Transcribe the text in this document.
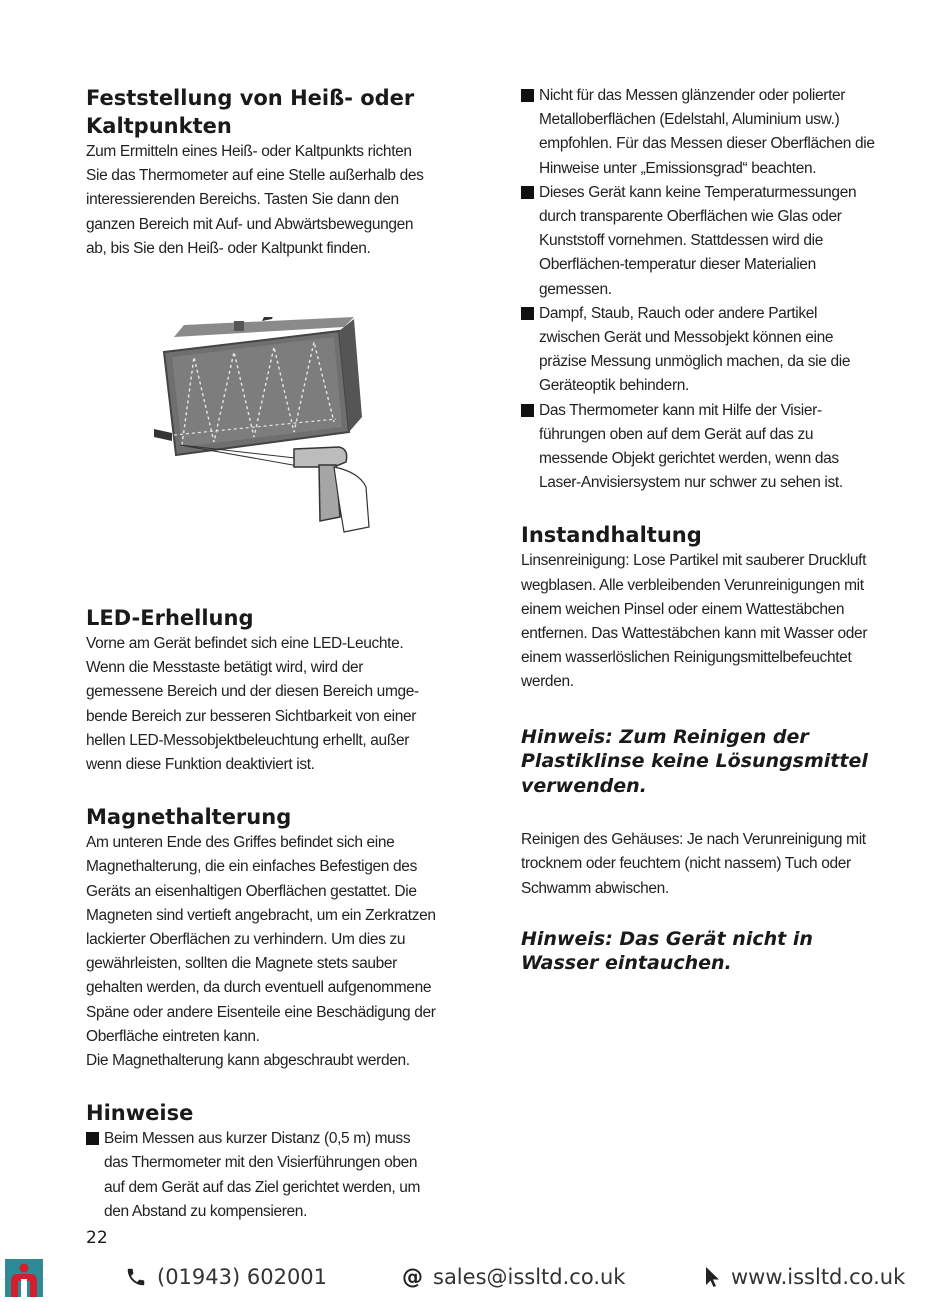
Feststellung von Heiß- oder Kaltpunkten

Zum Ermitteln eines Heiß- oder Kaltpunkts richten Sie das Thermometer auf eine Stelle außerhalb des interessierenden Bereichs. Tasten Sie dann den ganzen Bereich mit Auf- und Abwärtsbewegungen ab, bis Sie den Heiß- oder Kaltpunkt finden.

LED-Erhellung

Vorne am Gerät befindet sich eine LED-Leuchte. Wenn die Messtaste betätigt wird, wird der gemessene Bereich und der diesen Bereich umgebende Bereich zur besseren Sichtbarkeit von einer hellen LED-Messobjektbeleuchtung erhellt, außer wenn diese Funktion deaktiviert ist.

Magnethalterung

Am unteren Ende des Griffes befindet sich eine Magnethalterung, die ein einfaches Befestigen des Geräts an eisenhaltigen Oberflächen gestattet. Die Magneten sind vertieft angebracht, um ein Zerkratzen lackierter Oberflächen zu verhindern. Um dies zu gewährleisten, sollten die Magnete stets sauber gehalten werden, da durch eventuell aufgenommene Späne oder andere Eisenteile eine Beschädigung der Oberfläche eintreten kann.

Die Magnethalterung kann abgeschraubt werden.

Hinweise
Beim Messen aus kurzer Distanz (0,5 m) muss das Thermometer mit den Visierführungen oben auf dem Gerät auf das Ziel gerichtet werden, um den Abstand zu kompensieren.
Nicht für das Messen glänzender oder polierter Metalloberflächen (Edelstahl, Aluminium usw.) empfohlen. Für das Messen dieser Oberflächen die Hinweise unter „Emissionsgrad“ beachten.
Dieses Gerät kann keine Temperaturmessungen durch transparente Oberflächen wie Glas oder Kunststoff vornehmen. Stattdessen wird die Oberflächen-temperatur dieser Materialien gemessen.
Dampf, Staub, Rauch oder andere Partikel zwischen Gerät und Messobjekt können eine präzise Messung unmöglich machen, da sie die Geräteoptik behindern.
Das Thermometer kann mit Hilfe der Visierführungen oben auf dem Gerät auf das zu messende Objekt gerichtet werden, wenn das Laser-Anvisiersystem nur schwer zu sehen ist.
Instandhaltung

Linsenreinigung: Lose Partikel mit sauberer Druckluft wegblasen. Alle verbleibenden Verunreinigungen mit einem weichen Pinsel oder einem Wattestäbchen entfernen. Das Wattestäbchen kann mit Wasser oder einem wasserlöslichen Reinigungsmittelbefeuchtet werden.

Hinweis: Zum Reinigen der Plastiklinse keine Lösungsmittel verwenden.

Reinigen des Gehäuses: Je nach Verunreinigung mit trocknem oder feuchtem (nicht nassem) Tuch oder Schwamm abwischen.

Hinweis: Das Gerät nicht in Wasser eintauchen.
22
(01943) 602001	@ sales@issltd.co.uk	www.issltd.co.uk
